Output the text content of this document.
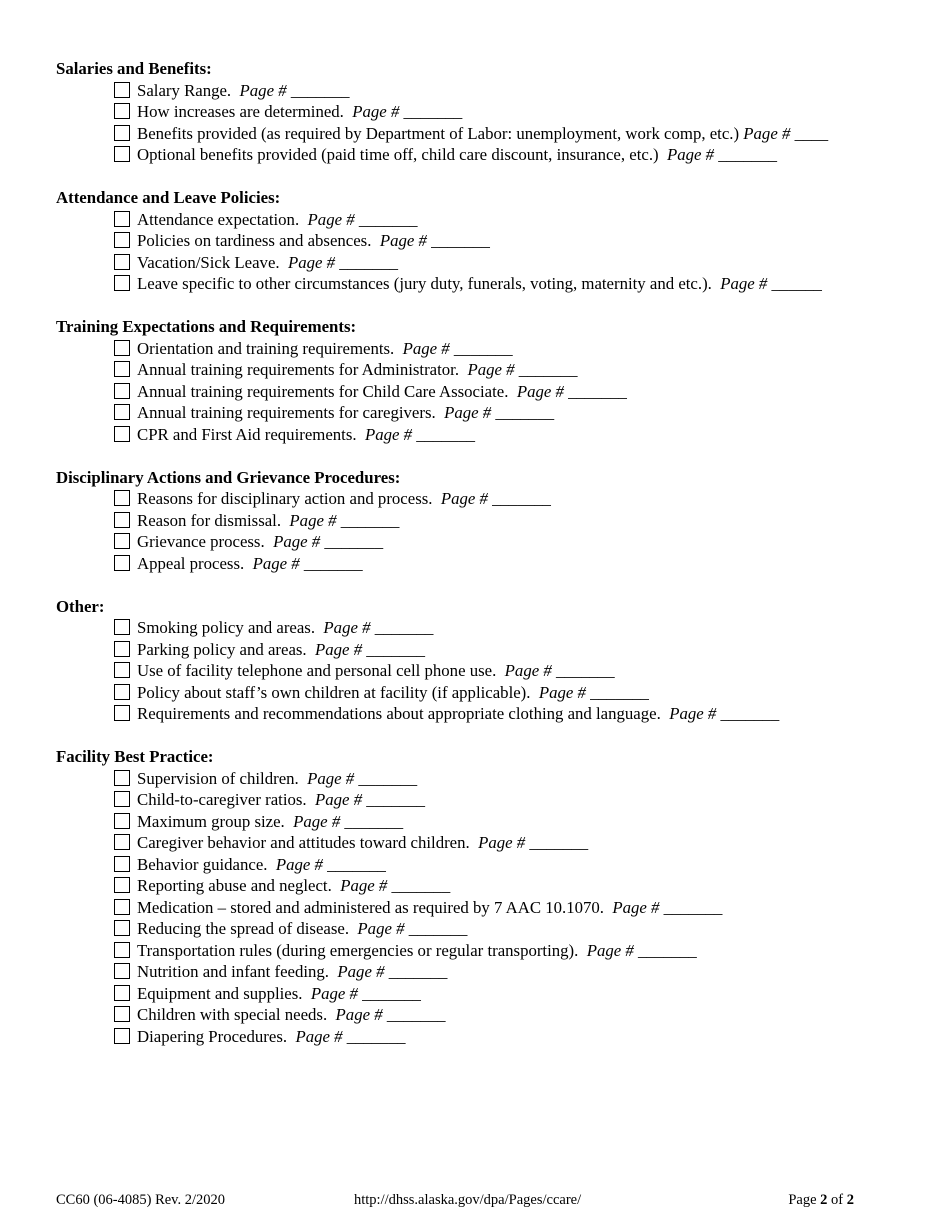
Salaries and Benefits:
Salary Range. Page # _______
How increases are determined. Page # _______
Benefits provided (as required by Department of Labor: unemployment, work comp, etc.) Page # ____
Optional benefits provided (paid time off, child care discount, insurance, etc.) Page # _______
Attendance and Leave Policies:
Attendance expectation. Page # _______
Policies on tardiness and absences. Page # _______
Vacation/Sick Leave. Page # _______
Leave specific to other circumstances (jury duty, funerals, voting, maternity and etc.). Page # ______
Training Expectations and Requirements:
Orientation and training requirements. Page # _______
Annual training requirements for Administrator. Page # _______
Annual training requirements for Child Care Associate. Page # _______
Annual training requirements for caregivers. Page # _______
CPR and First Aid requirements. Page # _______
Disciplinary Actions and Grievance Procedures:
Reasons for disciplinary action and process. Page # _______
Reason for dismissal. Page # _______
Grievance process. Page # _______
Appeal process. Page # _______
Other:
Smoking policy and areas. Page # _______
Parking policy and areas. Page # _______
Use of facility telephone and personal cell phone use. Page # _______
Policy about staff’s own children at facility (if applicable). Page # _______
Requirements and recommendations about appropriate clothing and language. Page # _______
Facility Best Practice:
Supervision of children. Page # _______
Child-to-caregiver ratios. Page # _______
Maximum group size. Page # _______
Caregiver behavior and attitudes toward children. Page # _______
Behavior guidance. Page # _______
Reporting abuse and neglect. Page # _______
Medication – stored and administered as required by 7 AAC 10.1070. Page # _______
Reducing the spread of disease. Page # _______
Transportation rules (during emergencies or regular transporting). Page # _______
Nutrition and infant feeding. Page # _______
Equipment and supplies. Page # _______
Children with special needs. Page # _______
Diapering Procedures. Page # _______
CC60 (06-4085) Rev. 2/2020	http://dhss.alaska.gov/dpa/Pages/ccare/	Page 2 of 2
